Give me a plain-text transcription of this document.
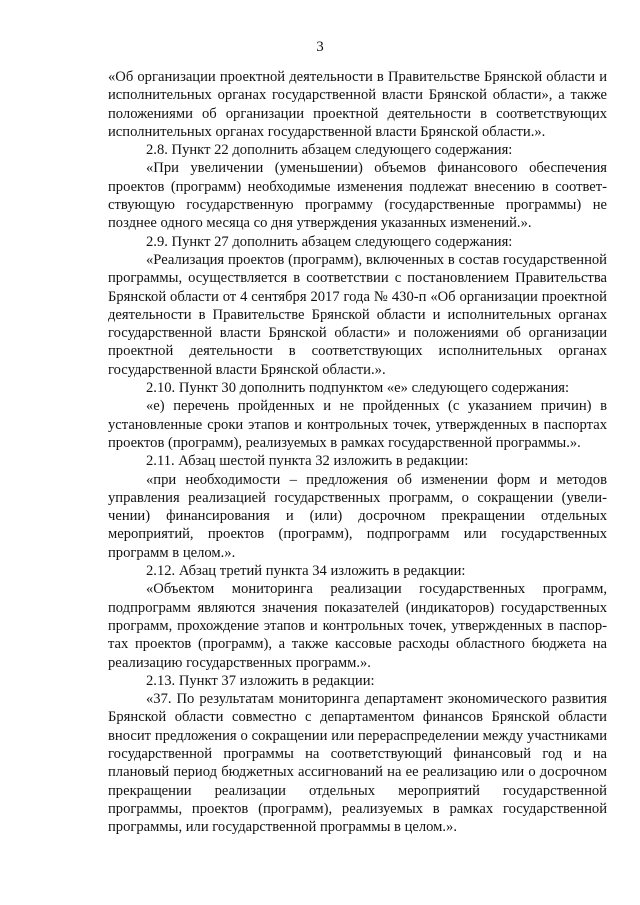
3

«Об организации проектной деятельности в Правительстве Брянской области и исполнительных органах государственной власти Брянской области», а также положениями об организации проектной деятельности в соответствующих исполнительных органах государственной власти Брянской области.».

2.8. Пункт 22 дополнить абзацем следующего содержания:

«При увеличении (уменьшении) объемов финансового обеспечения проектов (программ) необходимые изменения подлежат внесению в соответствующую государственную программу (государственные программы) не позднее одного месяца со дня утверждения указанных изменений.».

2.9. Пункт 27 дополнить абзацем следующего содержания:

«Реализация проектов (программ), включенных в состав государственной программы, осуществляется в соответствии с постановлением Правительства Брянской области от 4 сентября 2017 года № 430-п «Об организации проектной деятельности в Правительстве Брянской области и исполнительных органах государственной власти Брянской области» и положениями об организации проектной деятельности в соответствующих исполнительных органах государственной власти Брянской области.».

2.10. Пункт 30 дополнить подпунктом «е» следующего содержания:

«е) перечень пройденных и не пройденных (с указанием причин) в установленные сроки этапов и контрольных точек, утвержденных в паспортах проектов (программ), реализуемых в рамках государственной программы.».

2.11. Абзац шестой пункта 32 изложить в редакции:

«при необходимости – предложения об изменении форм и методов управления реализацией государственных программ, о сокращении (увеличении) финансирования и (или) досрочном прекращении отдельных мероприятий, проектов (программ), подпрограмм или государственных программ в целом.».

2.12. Абзац третий пункта 34 изложить в редакции:

«Объектом мониторинга реализации государственных программ, подпрограмм являются значения показателей (индикаторов) государственных программ, прохождение этапов и контрольных точек, утвержденных в паспортах проектов (программ), а также кассовые расходы областного бюджета на реализацию государственных программ.».

2.13. Пункт 37 изложить в редакции:

«37. По результатам мониторинга департамент экономического развития Брянской области совместно с департаментом финансов Брянской области вносит предложения о сокращении или перераспределении между участниками государственной программы на соответствующий финансовый год и на плановый период бюджетных ассигнований на ее реализацию или о досрочном прекращении реализации отдельных мероприятий государственной программы, проектов (программ), реализуемых в рамках государственной программы, или государственной программы в целом.».
